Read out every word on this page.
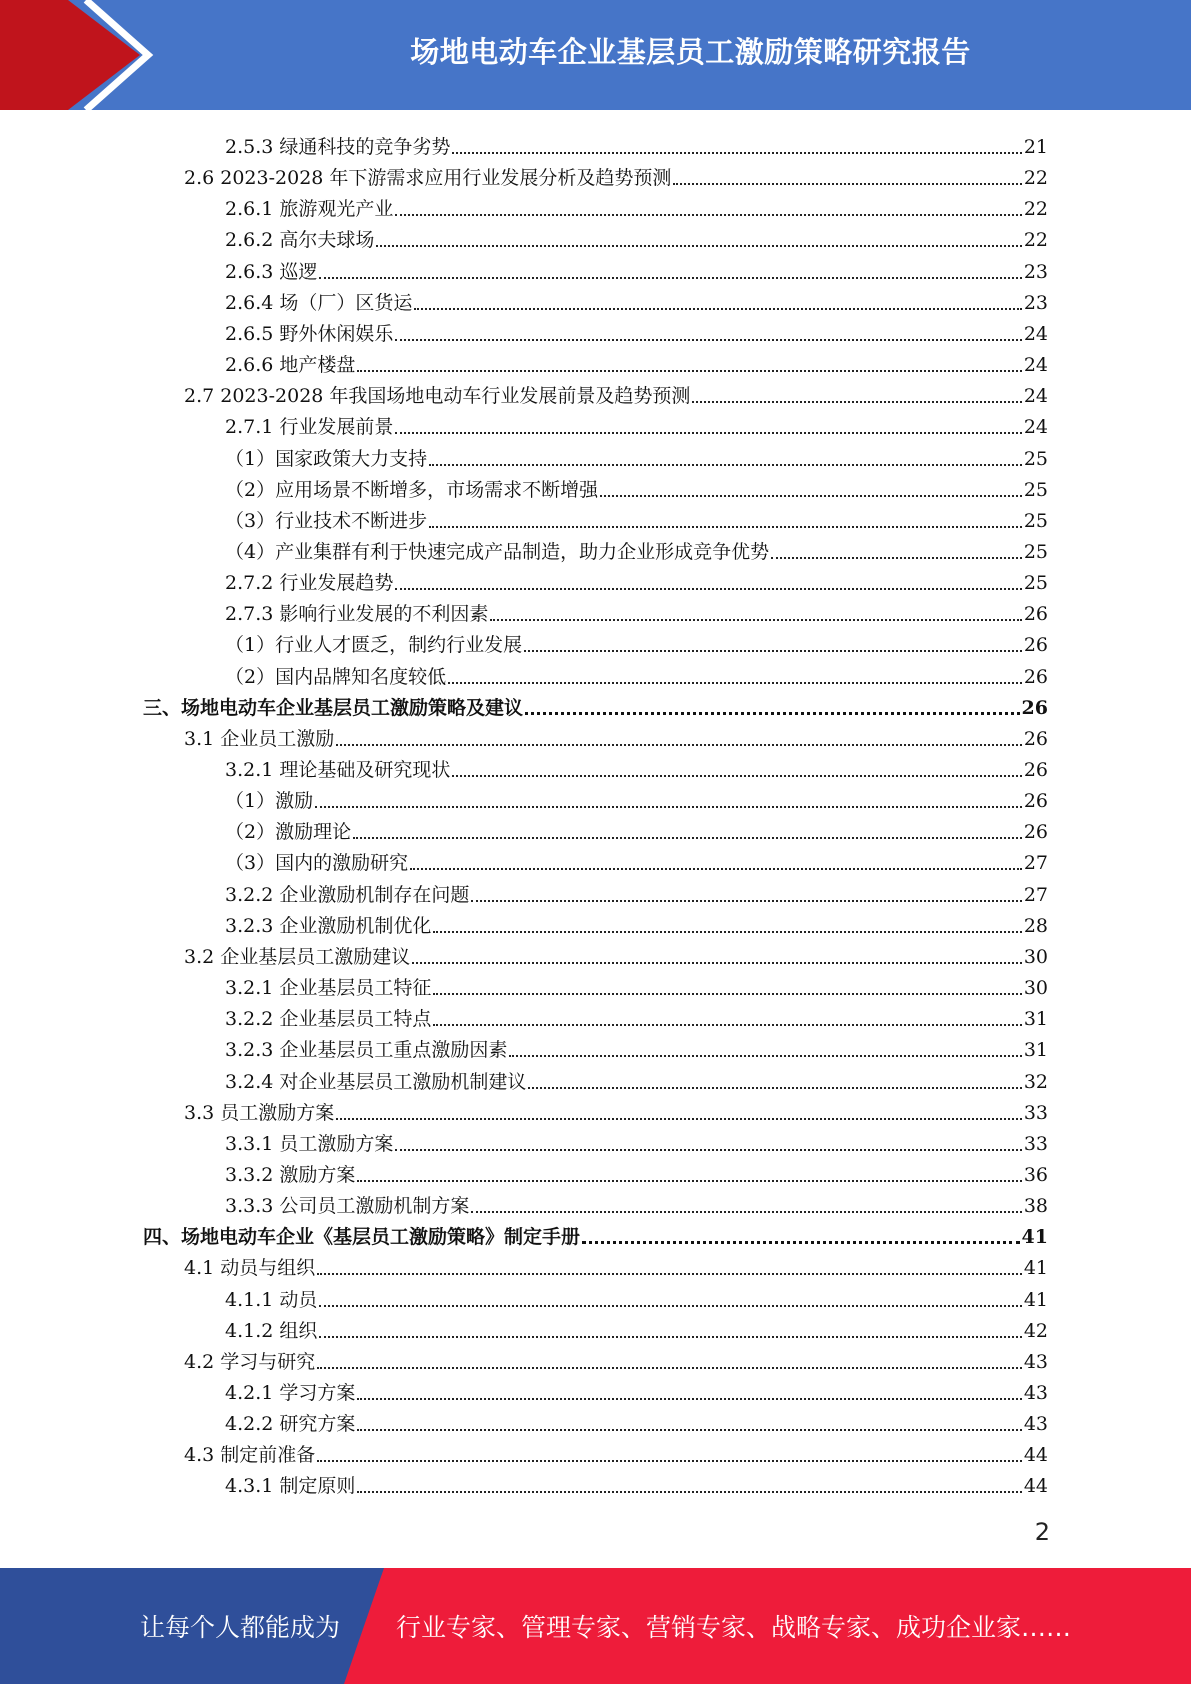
场地电动车企业基层员工激励策略研究报告
2.5.3 绿通科技的竞争劣势	21
2.6 2023-2028 年下游需求应用行业发展分析及趋势预测	22
2.6.1 旅游观光产业	22
2.6.2 高尔夫球场	22
2.6.3 巡逻	23
2.6.4 场（厂）区货运	23
2.6.5 野外休闲娱乐	24
2.6.6 地产楼盘	24
2.7 2023-2028 年我国场地电动车行业发展前景及趋势预测	24
2.7.1 行业发展前景	24
（1）国家政策大力支持	25
（2）应用场景不断增多，市场需求不断增强	25
（3）行业技术不断进步	25
（4）产业集群有利于快速完成产品制造，助力企业形成竞争优势	25
2.7.2 行业发展趋势	25
2.7.3 影响行业发展的不利因素	26
（1）行业人才匮乏，制约行业发展	26
（2）国内品牌知名度较低	26
三、场地电动车企业基层员工激励策略及建议	26
3.1 企业员工激励	26
3.2.1 理论基础及研究现状	26
（1）激励	26
（2）激励理论	26
（3）国内的激励研究	27
3.2.2 企业激励机制存在问题	27
3.2.3 企业激励机制优化	28
3.2 企业基层员工激励建议	30
3.2.1 企业基层员工特征	30
3.2.2 企业基层员工特点	31
3.2.3 企业基层员工重点激励因素	31
3.2.4 对企业基层员工激励机制建议	32
3.3 员工激励方案	33
3.3.1 员工激励方案	33
3.3.2 激励方案	36
3.3.3 公司员工激励机制方案	38
四、场地电动车企业《基层员工激励策略》制定手册	41
4.1 动员与组织	41
4.1.1 动员	41
4.1.2 组织	42
4.2 学习与研究	43
4.2.1 学习方案	43
4.2.2 研究方案	43
4.3 制定前准备	44
4.3.1 制定原则	44
2
让每个人都能成为 行业专家、管理专家、营销专家、战略专家、成功企业家……
